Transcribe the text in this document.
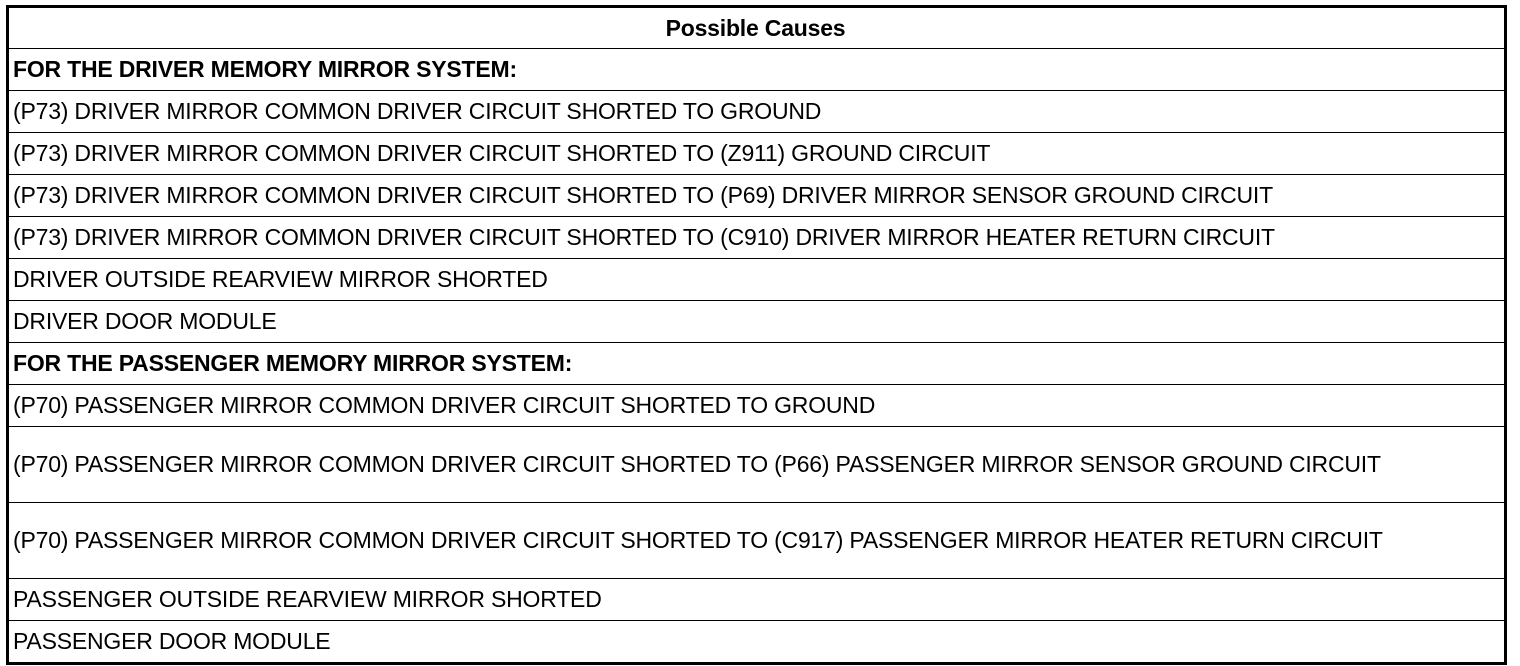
Possible Causes
FOR THE DRIVER MEMORY MIRROR SYSTEM:
(P73) DRIVER MIRROR COMMON DRIVER CIRCUIT SHORTED TO GROUND
(P73) DRIVER MIRROR COMMON DRIVER CIRCUIT SHORTED TO (Z911) GROUND CIRCUIT
(P73) DRIVER MIRROR COMMON DRIVER CIRCUIT SHORTED TO (P69) DRIVER MIRROR SENSOR GROUND CIRCUIT
(P73) DRIVER MIRROR COMMON DRIVER CIRCUIT SHORTED TO (C910) DRIVER MIRROR HEATER RETURN CIRCUIT
DRIVER OUTSIDE REARVIEW MIRROR SHORTED
DRIVER DOOR MODULE
FOR THE PASSENGER MEMORY MIRROR SYSTEM:
(P70) PASSENGER MIRROR COMMON DRIVER CIRCUIT SHORTED TO GROUND
(P70) PASSENGER MIRROR COMMON DRIVER CIRCUIT SHORTED TO (P66) PASSENGER MIRROR SENSOR GROUND CIRCUIT
(P70) PASSENGER MIRROR COMMON DRIVER CIRCUIT SHORTED TO (C917) PASSENGER MIRROR HEATER RETURN CIRCUIT
PASSENGER OUTSIDE REARVIEW MIRROR SHORTED
PASSENGER DOOR MODULE
